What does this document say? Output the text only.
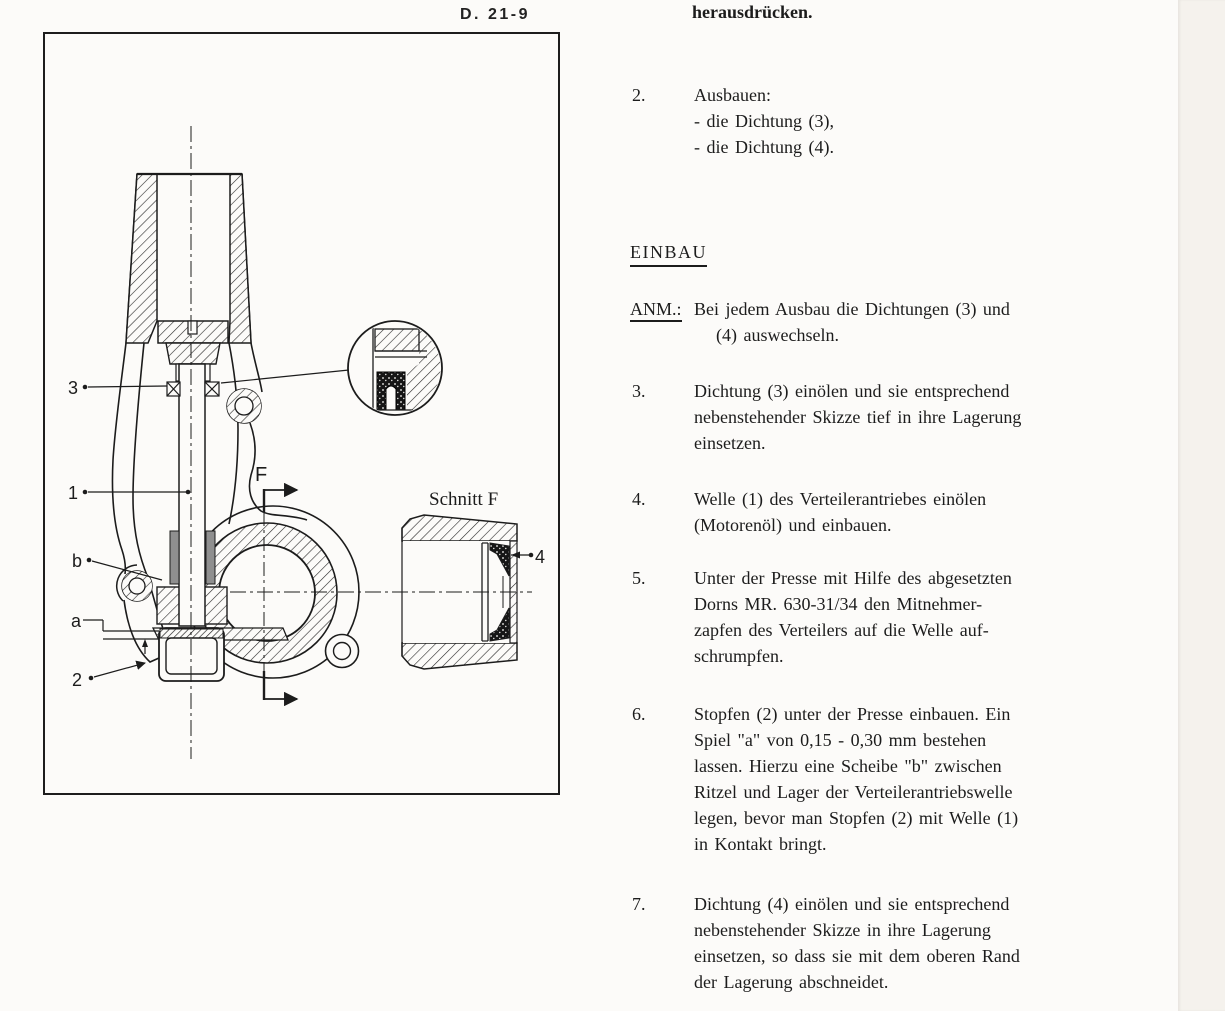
D. 21-9	herausdrücken.
3
1
b
a
2
F
Schnitt F
4
2.	Ausbauen:
- die Dichtung (3),
- die Dichtung (4).
EINBAU
ANM.: Bei jedem Ausbau die Dichtungen (3) und
(4) auswechseln.
3.	Dichtung (3) einölen und sie entsprechend
nebenstehender Skizze tief in ihre Lagerung
einsetzen.
4.	Welle (1) des Verteilerantriebes einölen
(Motorenöl) und einbauen.
5.	Unter der Presse mit Hilfe des abgesetzten
Dorns MR. 630-31/34 den Mitnehmer-
zapfen des Verteilers auf die Welle auf-
schrumpfen.
6.	Stopfen (2) unter der Presse einbauen. Ein
Spiel "a" von 0,15 - 0,30 mm bestehen
lassen. Hierzu eine Scheibe "b" zwischen
Ritzel und Lager der Verteilerantriebswelle
legen, bevor man Stopfen (2) mit Welle (1)
in Kontakt bringt.
7.	Dichtung (4) einölen und sie entsprechend
nebenstehender Skizze in ihre Lagerung
einsetzen, so dass sie mit dem oberen Rand
der Lagerung abschneidet.
